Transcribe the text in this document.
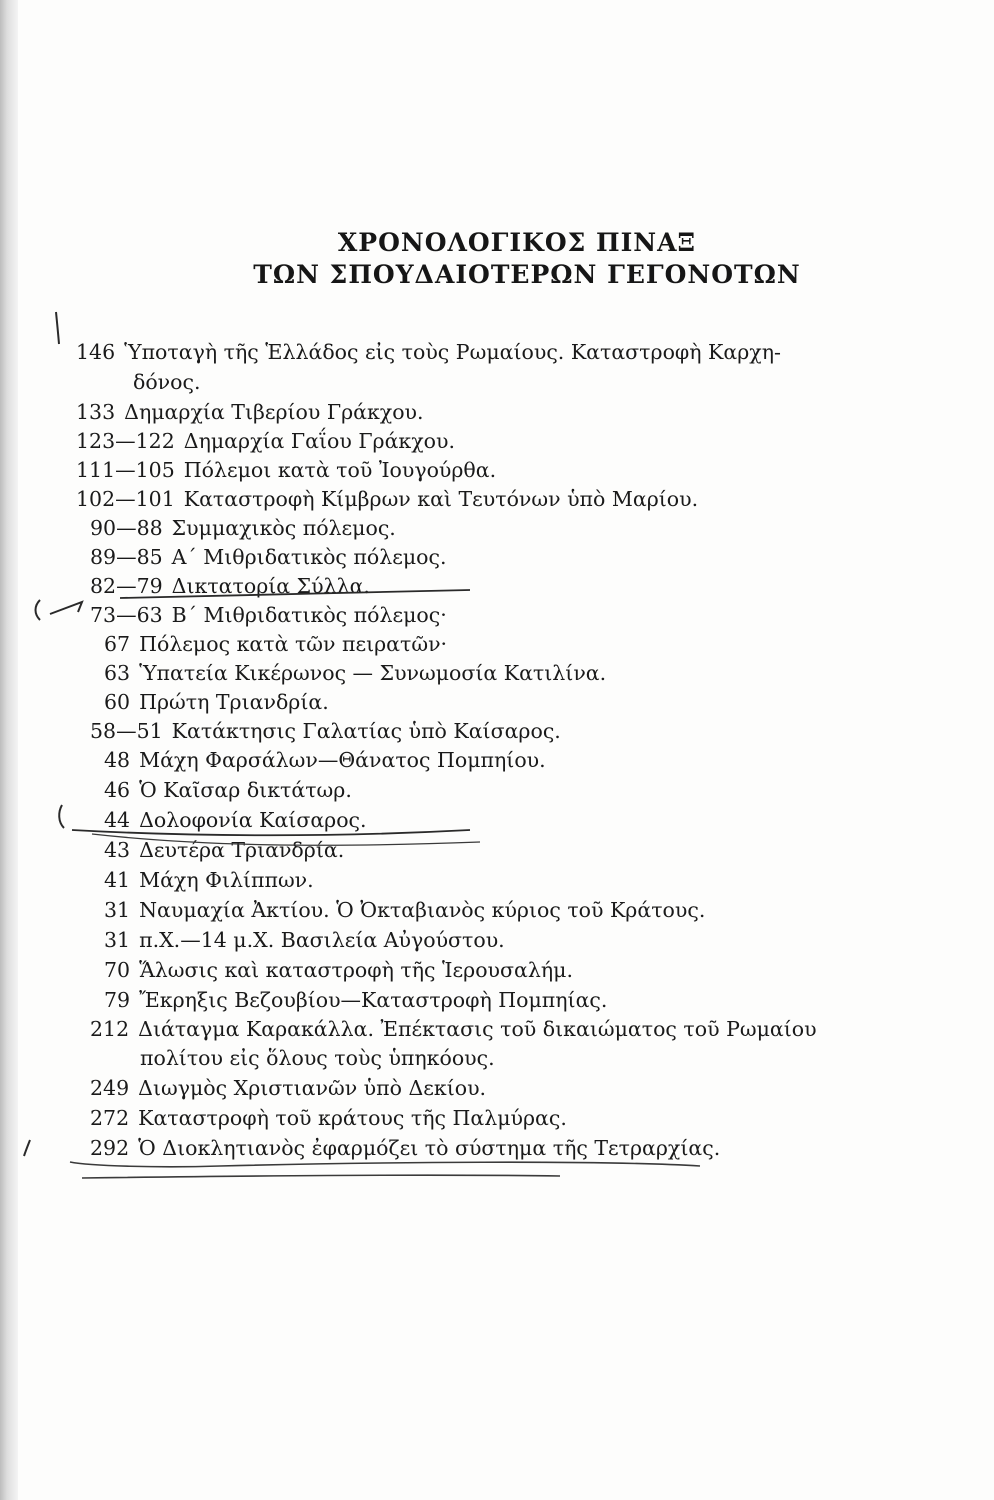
ΧΡΟΝΟΛΟΓΙΚΟΣ ΠΙΝΑΞ
ΤΩΝ ΣΠΟΥΔΑΙΟΤΕΡΩΝ ΓΕΓΟΝΟΤΩΝ
146 Ὑποταγὴ τῆς Ἑλλάδος εἰς τοὺς Ρωμαίους. Καταστροφὴ Καρχη-
δόνος.
133 Δημαρχία Τιβερίου Γράκχου.
123—122 Δημαρχία Γαΐου Γράκχου.
111—105 Πόλεμοι κατὰ τοῦ Ἰουγούρθα.
102—101 Καταστροφὴ Κίμβρων καὶ Τευτόνων ὑπὸ Μαρίου.
90—88 Συμμαχικὸς πόλεμος.
89—85 Α΄ Μιθριδατικὸς πόλεμος.
82—79 Δικτατορία Σύλλα.
73—63 Β΄ Μιθριδατικὸς πόλεμος·
67 Πόλεμος κατὰ τῶν πειρατῶν·
63 Ὑπατεία Κικέρωνος — Συνωμοσία Κατιλίνα.
60 Πρώτη Τριανδρία.
58—51 Κατάκτησις Γαλατίας ὑπὸ Καίσαρος.
48 Μάχη Φαρσάλων—Θάνατος Πομπηίου.
46 Ὁ Καῖσαρ δικτάτωρ.
44 Δολοφονία Καίσαρος.
43 Δευτέρα Τριανδρία.
41 Μάχη Φιλίππων.
31 Ναυμαχία Ἀκτίου. Ὁ Ὀκταβιανὸς κύριος τοῦ Κράτους.
31 π.Χ.—14 μ.Χ. Βασιλεία Αὐγούστου.
70 Ἅλωσις καὶ καταστροφὴ τῆς Ἱερουσαλήμ.
79 Ἔκρηξις Βεζουβίου—Καταστροφὴ Πομπηίας.
212 Διάταγμα Καρακάλλα. Ἐπέκτασις τοῦ δικαιώματος τοῦ Ρωμαίου
πολίτου εἰς ὅλους τοὺς ὑπηκόους.
249 Διωγμὸς Χριστιανῶν ὑπὸ Δεκίου.
272 Καταστροφὴ τοῦ κράτους τῆς Παλμύρας.
292 Ὁ Διοκλητιανὸς ἐφαρμόζει τὸ σύστημα τῆς Τετραρχίας.
